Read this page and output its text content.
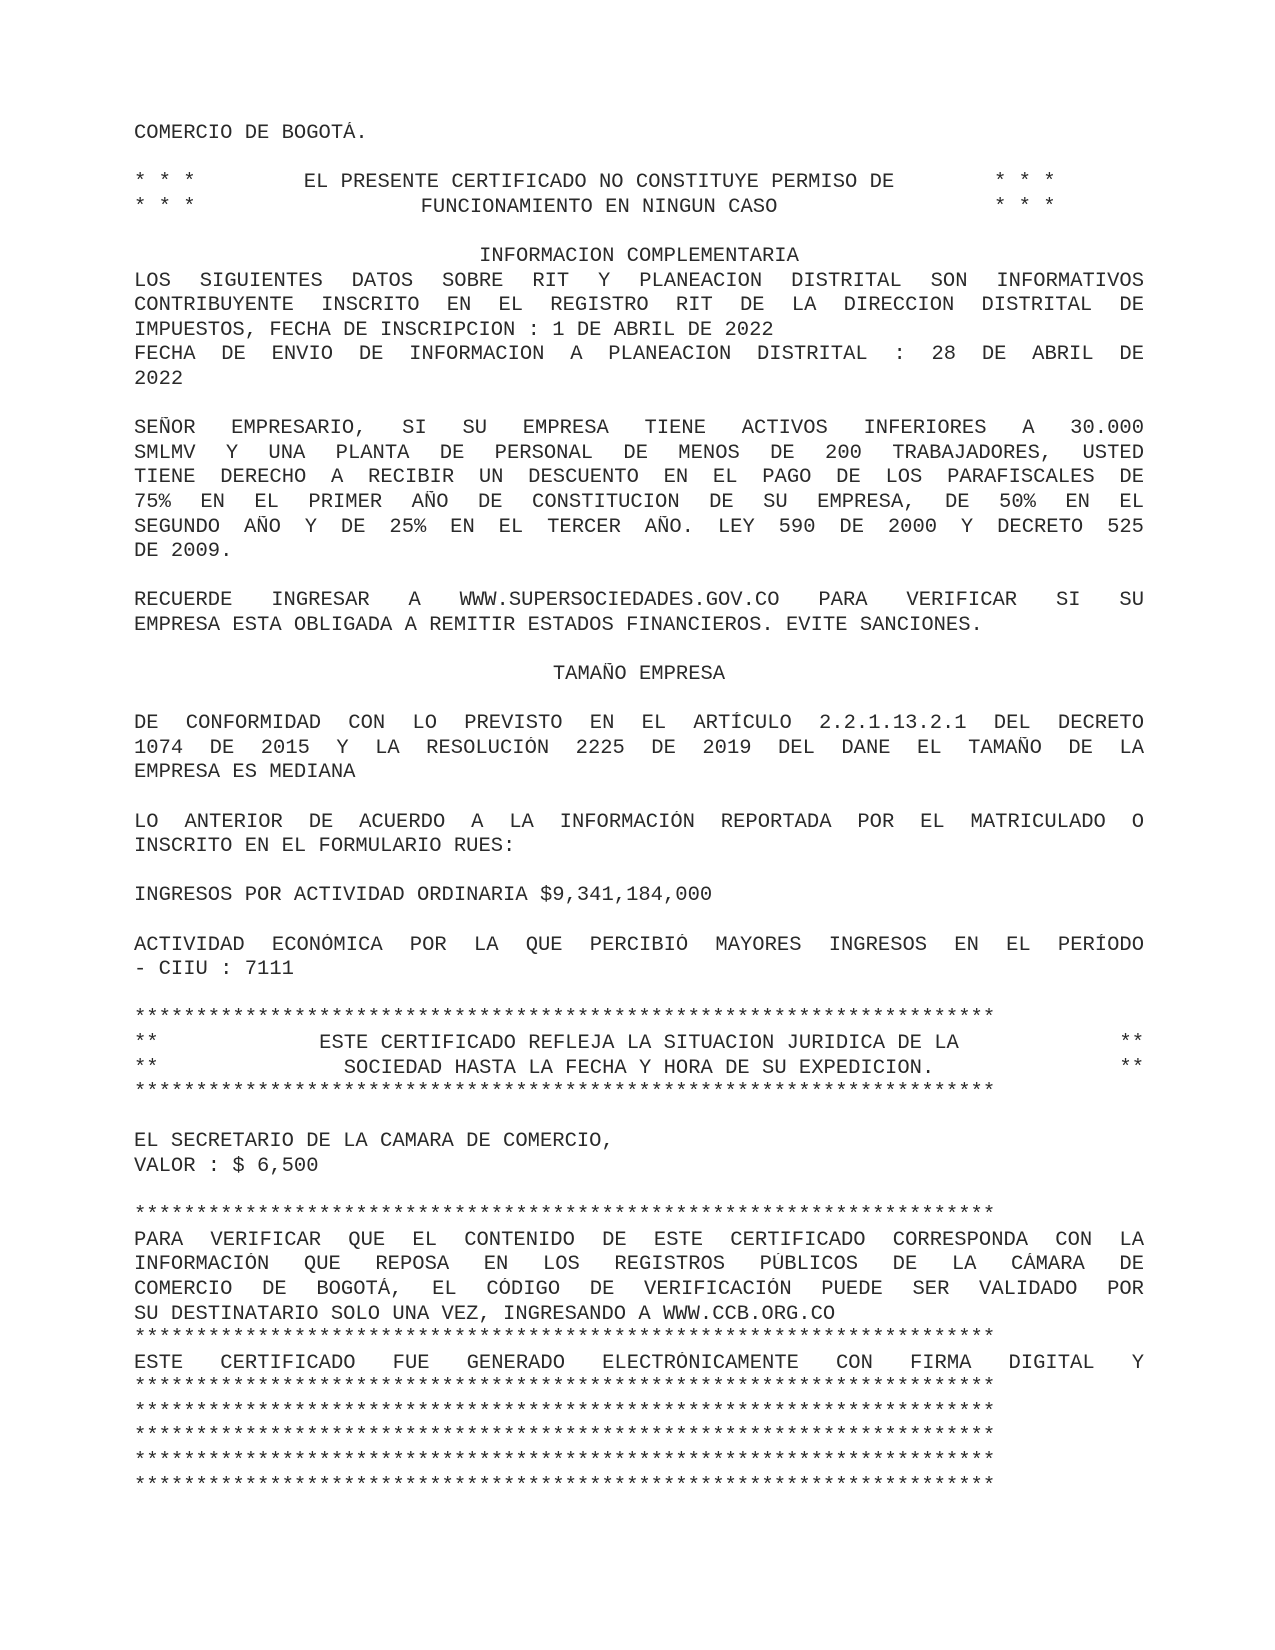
COMERCIO DE BOGOTÁ.
* * *	EL PRESENTE CERTIFICADO NO CONSTITUYE PERMISO DE	* * *
* * *	FUNCIONAMIENTO EN NINGUN CASO	* * *
INFORMACION COMPLEMENTARIA
LOS SIGUIENTES DATOS SOBRE RIT Y PLANEACION DISTRITAL SON INFORMATIVOS
CONTRIBUYENTE INSCRITO EN EL REGISTRO RIT DE LA DIRECCION DISTRITAL DE
IMPUESTOS, FECHA DE INSCRIPCION : 1 DE ABRIL DE 2022
FECHA DE ENVIO DE INFORMACION A PLANEACION DISTRITAL : 28 DE ABRIL DE
2022
SEÑOR EMPRESARIO, SI SU EMPRESA TIENE ACTIVOS INFERIORES A 30.000
SMLMV Y UNA PLANTA DE PERSONAL DE MENOS DE 200 TRABAJADORES, USTED
TIENE DERECHO A RECIBIR UN DESCUENTO EN EL PAGO DE LOS PARAFISCALES DE
75% EN EL PRIMER AÑO DE CONSTITUCION DE SU EMPRESA, DE 50% EN EL
SEGUNDO AÑO Y DE 25% EN EL TERCER AÑO. LEY 590 DE 2000 Y DECRETO 525
DE 2009.
RECUERDE INGRESAR A WWW.SUPERSOCIEDADES.GOV.CO PARA VERIFICAR SI SU
EMPRESA ESTA OBLIGADA A REMITIR ESTADOS FINANCIEROS. EVITE SANCIONES.
TAMAÑO EMPRESA
DE CONFORMIDAD CON LO PREVISTO EN EL ARTÍCULO 2.2.1.13.2.1 DEL DECRETO
1074 DE 2015 Y LA RESOLUCIÓN 2225 DE 2019 DEL DANE EL TAMAÑO DE LA
EMPRESA ES MEDIANA
LO ANTERIOR DE ACUERDO A LA INFORMACIÓN REPORTADA POR EL MATRICULADO O
INSCRITO EN EL FORMULARIO RUES:
INGRESOS POR ACTIVIDAD ORDINARIA $9,341,184,000
ACTIVIDAD ECONÓMICA POR LA QUE PERCIBIÓ MAYORES INGRESOS EN EL PERÍODO
- CIIU : 7111
**********************************************************************
**	ESTE CERTIFICADO REFLEJA LA SITUACION JURIDICA DE LA	**
**	SOCIEDAD HASTA LA FECHA Y HORA DE SU EXPEDICION.	**
**********************************************************************
EL SECRETARIO DE LA CAMARA DE COMERCIO,
VALOR : $ 6,500
**********************************************************************
PARA VERIFICAR QUE EL CONTENIDO DE ESTE CERTIFICADO CORRESPONDA CON LA
INFORMACIÓN QUE REPOSA EN LOS REGISTROS PÚBLICOS DE LA CÁMARA DE
COMERCIO DE BOGOTÁ, EL CÓDIGO DE VERIFICACIÓN PUEDE SER VALIDADO POR
SU DESTINATARIO SOLO UNA VEZ, INGRESANDO A WWW.CCB.ORG.CO
**********************************************************************
ESTE CERTIFICADO FUE GENERADO ELECTRÓNICAMENTE CON FIRMA DIGITAL Y
**********************************************************************
**********************************************************************
**********************************************************************
**********************************************************************
**********************************************************************
